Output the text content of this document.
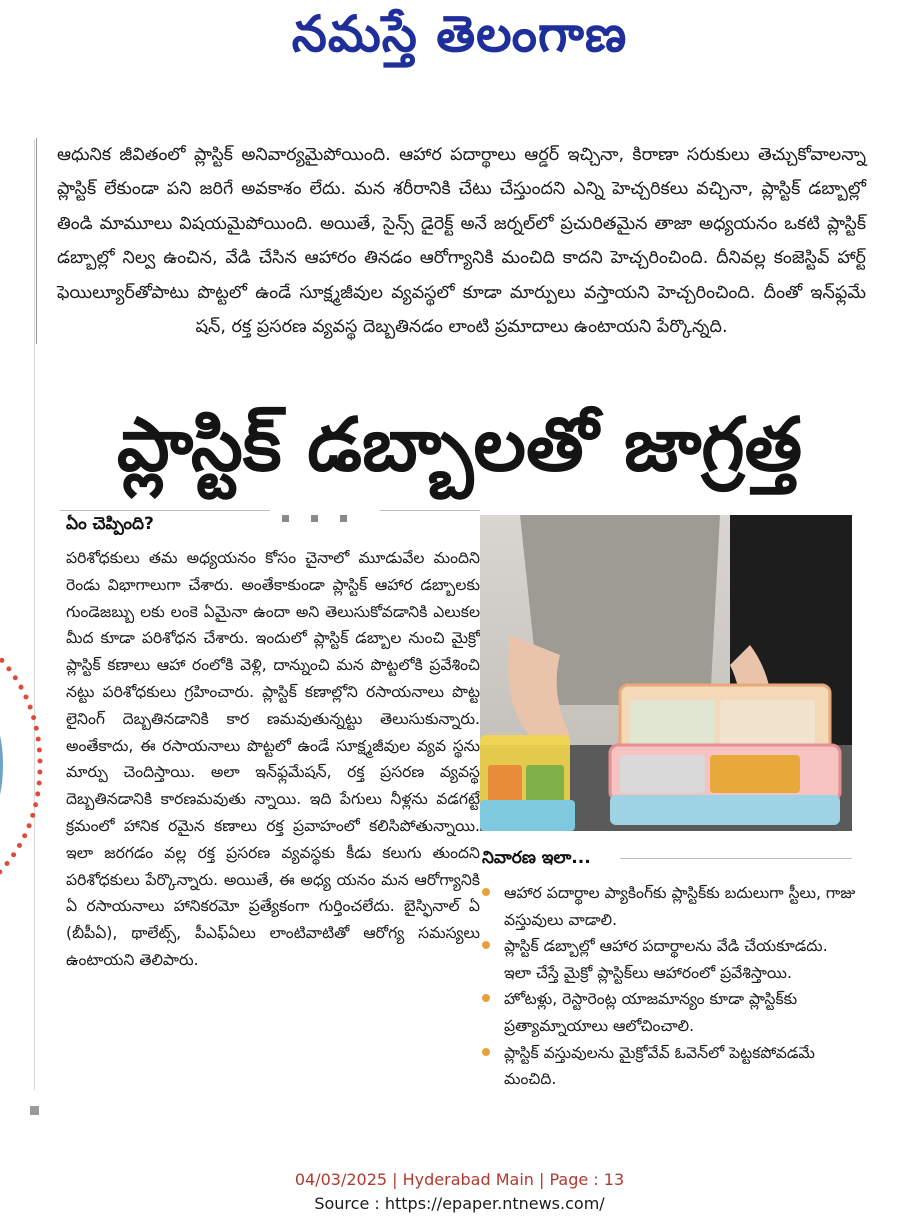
నమస్తే తెలంగాణ

ఆధునిక జీవితంలో ప్లాస్టిక్ అనివార్యమైపోయింది. ఆహార పదార్థాలు ఆర్డర్ ఇచ్చినా, కిరాణా సరుకులు తెచ్చుకోవాలన్నా ప్లాస్టిక్ లేకుండా పని జరిగే అవకాశం లేదు. మన శరీరానికి చేటు చేస్తుందని ఎన్ని హెచ్చరికలు వచ్చినా, ప్లాస్టిక్ డబ్బాల్లో తిండి మామూలు విషయమైపోయింది. అయితే, సైన్స్ డైరెక్ట్ అనే జర్నల్‌లో ప్రచురితమైన తాజా అధ్యయనం ఒకటి ప్లాస్టిక్ డబ్బాల్లో నిల్వ ఉంచిన, వేడి చేసిన ఆహారం తినడం ఆరోగ్యానికి మంచిది కాదని హెచ్చరించింది. దీనివల్ల కంజెస్టివ్ హార్ట్ ఫెయిల్యూర్‌తోపాటు పొట్టలో ఉండే సూక్ష్మజీవుల వ్యవస్థలో కూడా మార్పులు వస్తాయని హెచ్చరించింది. దీంతో ఇన్‌ఫ్లమే షన్, రక్త ప్రసరణ వ్యవస్థ దెబ్బతినడం లాంటి ప్రమాదాలు ఉంటాయని పేర్కొన్నది.

ప్లాస్టిక్ డబ్బాలతో జాగ్రత్త
ఏం చెప్పింది?

పరిశోధకులు తమ అధ్యయనం కోసం చైనాలో మూడువేల మందిని రెండు విభాగాలుగా చేశారు. అంతేకాకుండా ప్లాస్టిక్ ఆహార డబ్బాలకు గుండెజబ్బు లకు లంకె ఏమైనా ఉందా అని తెలుసుకోవడానికి ఎలుకల మీద కూడా పరిశోధన చేశారు. ఇందులో ప్లాస్టిక్ డబ్బాల నుంచి మైక్రో ప్లాస్టిక్ కణాలు ఆహా రంలోకి వెళ్లి, దాన్నుంచి మన పొట్టలోకి ప్రవేశించి నట్టు పరిశోధకులు గ్రహించారు. ప్లాస్టిక్ కణాల్లోని రసాయనాలు పొట్ట లైనింగ్ దెబ్బతినడానికి కార ణమవుతున్నట్టు తెలుసుకున్నారు. అంతేకాదు, ఈ రసాయనాలు పొట్టలో ఉండే సూక్ష్మజీవుల వ్యవ స్థను మార్పు చెందిస్తాయి. అలా ఇన్‌ఫ్లమేషన్, రక్త ప్రసరణ వ్యవస్థ దెబ్బతినడానికి కారణమవుతు న్నాయి. ఇది పేగులు నీళ్లను వడగట్టే క్రమంలో హానిక రమైన కణాలు రక్త ప్రవాహంలో కలిసిపోతున్నాయి. ఇలా జరగడం వల్ల రక్త ప్రసరణ వ్యవస్థకు కీడు కలుగు తుందని పరిశోధకులు పేర్కొన్నారు. అయితే, ఈ అధ్య యనం మన ఆరోగ్యానికి ఏ రసాయనాలు హానికరమో ప్రత్యేకంగా గుర్తించలేదు. బైస్ఫినాల్ ఏ (బీపీఏ), థాలేట్స్, పీఎఫ్ఏలు లాంటివాటితో ఆరోగ్య సమస్యలు ఉంటాయని తెలిపారు.

నివారణ ఇలా...
ఆహార పదార్థాల ప్యాకింగ్‌కు ప్లాస్టిక్‌కు బదులుగా స్టీలు, గాజు వస్తువులు వాడాలి.
ప్లాస్టిక్ డబ్బాల్లో ఆహార పదార్థాలను వేడి చేయకూడదు. ఇలా చేస్తే మైక్రో ప్లాస్టిక్‌లు ఆహారంలో ప్రవేశిస్తాయి.
హోటళ్లు, రెస్టారెంట్ల యాజమాన్యం కూడా ప్లాస్టిక్‌కు ప్రత్యామ్నాయాలు ఆలోచించాలి.
ప్లాస్టిక్ వస్తువులను మైక్రోవేవ్ ఓవెన్‌లో పెట్టకపోవడమే మంచిది.
04/03/2025 | Hyderabad Main | Page : 13
Source : https://epaper.ntnews.com/
